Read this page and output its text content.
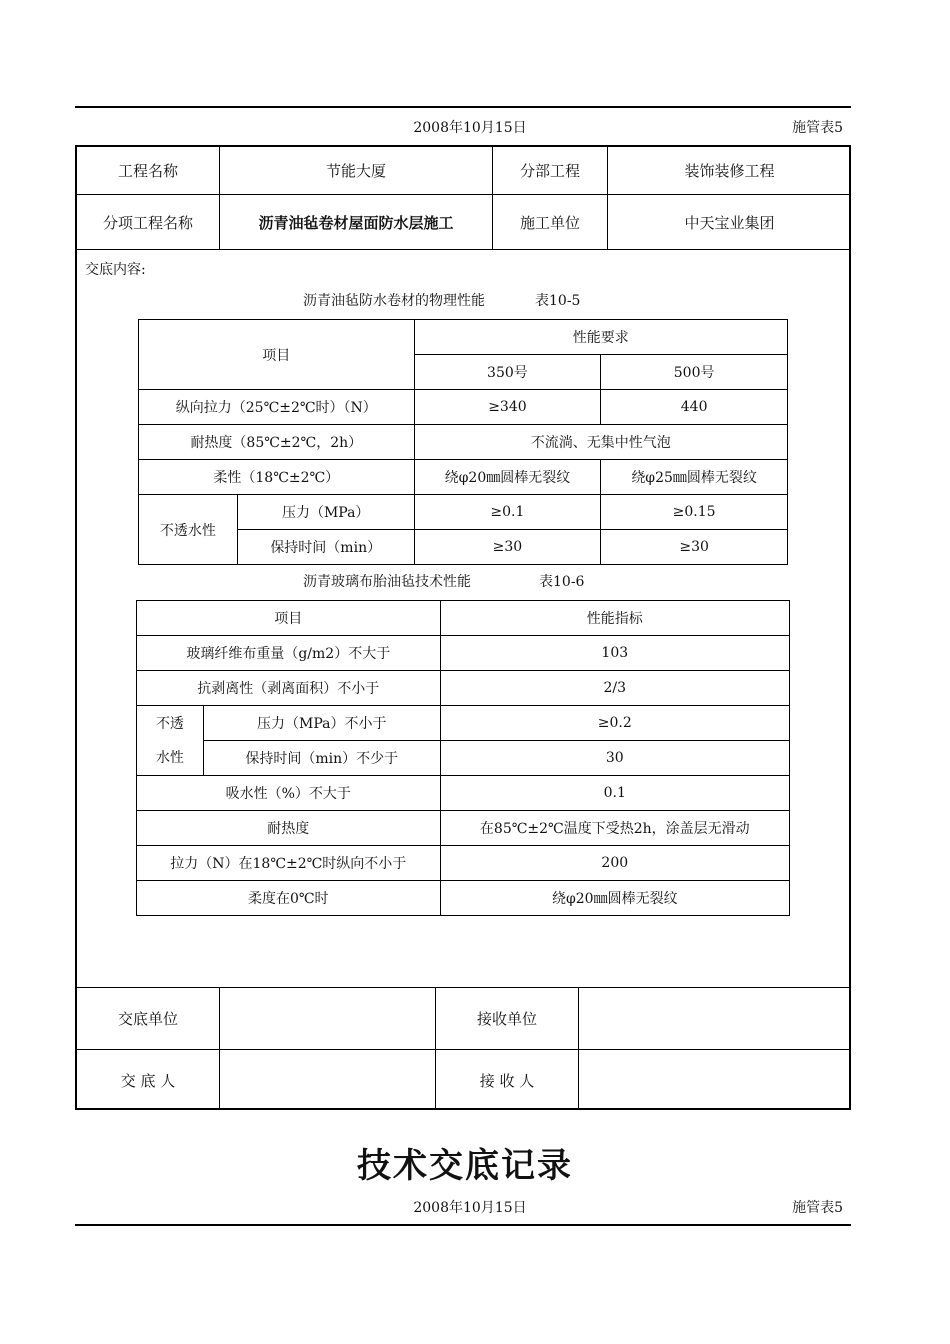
2008年10月15日	施管表5
工程名称	节能大厦	分部工程	装饰装修工程
分项工程名称	沥青油毡卷材屋面防水层施工	施工单位	中天宝业集团
交底内容:
交底单位	接收单位
交 底 人	接 收 人
沥青油毡防水卷材的物理性能	表10-5
项目		性能要求	
		350号	500号
纵向拉力（25℃±2℃时）（N）		≥340	440
耐热度（85℃±2℃，2h）		不流淌、无集中性气泡	
柔性（18℃±2℃）		绕φ20㎜圆棒无裂纹	绕φ25㎜圆棒无裂纹
不透水性	压力（MPa）	≥0.1	≥0.15
	保持时间（min）	≥30	≥30
沥青玻璃布胎油毡技术性能	表10-6
项目		性能指标
玻璃纤维布重量（g/m2）不大于		103
抗剥离性（剥离面积）不小于		2/3

不透
水性	压力（MPa）不小于	≥0.2
	保持时间（min）不少于	30
吸水性（%）不大于		0.1
耐热度		在85℃±2℃温度下受热2h，涂盖层无滑动
拉力（N）在18℃±2℃时纵向不小于		200
柔度在0℃时		绕φ20㎜圆棒无裂纹
技术交底记录
2008年10月15日	施管表5
